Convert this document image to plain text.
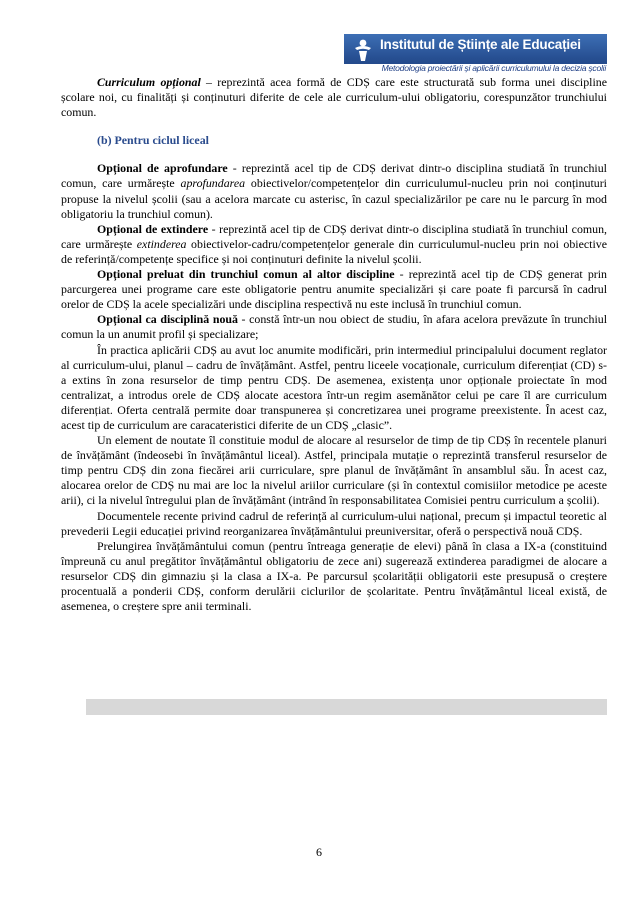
Institutul de Științe ale Educației
Metodologia proiectării și aplicării curriculumului la decizia școlii

Curriculum opțional – reprezintă acea formă de CDȘ care este structurată sub forma unei discipline școlare noi, cu finalități și conținuturi diferite de cele ale curriculum-ului obligatoriu, corespunzător trunchiului comun.

(b) Pentru ciclul liceal

Opțional de aprofundare - reprezintă acel tip de CDȘ derivat dintr-o disciplina studiată în trunchiul comun, care urmărește aprofundarea obiectivelor/competențelor din curriculumul-nucleu prin noi conținuturi propuse la nivelul școlii (sau a acelora marcate cu asterisc, în cazul specializărilor pe care nu le parcurg în mod obligatoriu la trunchiul comun).

Opțional de extindere - reprezintă acel tip de CDȘ derivat dintr-o disciplina studiată în trunchiul comun, care urmărește extinderea obiectivelor-cadru/competențelor generale din curriculumul-nucleu prin noi obiective de referință/competențe specifice și noi conținuturi definite la nivelul școlii.

Opțional preluat din trunchiul comun al altor discipline - reprezintă acel tip de CDȘ generat prin parcurgerea unei programe care este obligatorie pentru anumite specializări și care poate fi parcursă în cadrul orelor de CDȘ la acele specializări unde disciplina respectivă nu este inclusă în trunchiul comun.

Opțional ca disciplină nouă - constă într-un nou obiect de studiu, în afara acelora prevăzute în trunchiul comun la un anumit profil și specializare;

În practica aplicării CDȘ au avut loc anumite modificări, prin intermediul principalului document reglator al curriculum-ului, planul – cadru de învățământ. Astfel, pentru liceele vocaționale, curriculum diferențiat (CD) s-a extins în zona resurselor de timp pentru CDȘ. De asemenea, existența unor opționale proiectate în mod centralizat, a introdus orele de CDȘ alocate acestora într-un regim asemănător celui pe care îl are curriculum diferențiat. Oferta centrală permite doar transpunerea și concretizarea unei programe preexistente. În acest caz, acest tip de curriculum are caracateristici diferite de un CDȘ „clasic”.

Un element de noutate îl constituie modul de alocare al resurselor de timp de tip CDȘ în recentele planuri de învățământ (îndeosebi în învățământul liceal). Astfel, principala mutație o reprezintă transferul resurselor de timp pentru CDȘ din zona fiecărei arii curriculare, spre planul de învățământ în ansamblul său. În acest caz, alocarea orelor de CDȘ nu mai are loc la nivelul ariilor curriculare (și în contextul comisiilor metodice pe aceste arii), ci la nivelul întregului plan de învățământ (intrând în responsabilitatea Comisiei pentru curriculum a școlii).

Documentele recente privind cadrul de referință al curriculum-ului național, precum și impactul teoretic al prevederii Legii educației privind reorganizarea învățământului preuniversitar, oferă o perspectivă nouă CDȘ.

Prelungirea învățământului comun (pentru întreaga generație de elevi) până în clasa a IX-a (constituind împreună cu anul pregătitor învățământul obligatoriu de zece ani) sugerează extinderea paradigmei de alocare a resurselor CDȘ din gimnaziu și la clasa a IX-a. Pe parcursul școlarității obligatorii este presupusă o creștere procentuală a ponderii CDȘ, conform derulării ciclurilor de școlaritate. Pentru învățământul liceal există, de asemenea, o creștere spre anii terminali.

6
